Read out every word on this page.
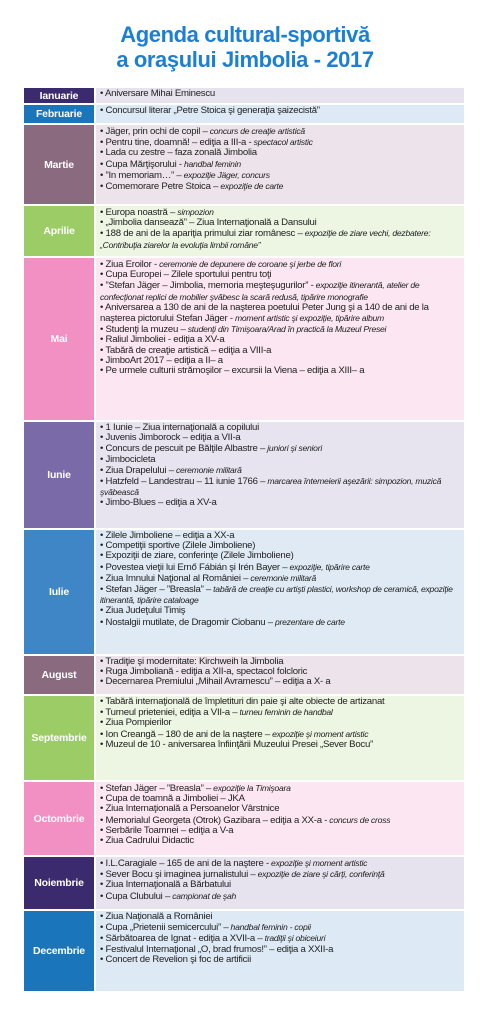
Agenda cultural-sportivă
a oraşului Jimbolia - 2017
Ianuarie	• Aniversare Mihai Eminescu
Februarie	• Concursul literar „Petre Stoica şi generaţia şaizecistă”
Martie
• Jäger, prin ochi de copil – concurs de creaţie artistică
• Pentru tine, doamnă! – ediţia a III-a - spectacol artistic
• Lada cu zestre – faza zonală Jimbolia
• Cupa Mărţişorului - handbal feminin
• ”In memoriam…” – expoziţie Jäger, concurs
• Comemorare Petre Stoica – expoziţie de carte
Aprilie
• Europa noastră – simpozion
• „Jimbolia dansează” – Ziua Internaţională a Dansului
• 188 de ani de la apariţia primului ziar românesc – expoziţie de ziare vechi, dezbatere: „Contribuţia ziarelor la evoluţia limbii române”
Mai
• Ziua Eroilor - ceremonie de depunere de coroane şi jerbe de flori
• Cupa Europei – Zilele sportului pentru toţi
• ”Stefan Jäger – Jimbolia, memoria meşteşugurilor” - expoziţie itinerantă, atelier de confecţionat replici de mobilier şvăbesc la scară redusă, tipărire monografie
• Aniversarea a 130 de ani de la naşterea poetului Peter Jung şi a 140 de ani de la naşterea pictorului Stefan Jäger - moment artistic şi expoziţie, tipărire album
• Studenţi la muzeu – studenţi din Timişoara/Arad în practică la Muzeul Presei
• Raliul Jimboliei - ediţia a XV-a
• Tabără de creaţie artistică – ediţia a VIII-a
• JimboArt 2017 – ediţia a II– a
• Pe urmele culturii strămoşilor – excursii la Viena – ediţia a XIII– a
Iunie
• 1 Iunie – Ziua internaţională a copilului
• Juvenis Jimborock – ediţia a VII-a
• Concurs de pescuit pe Bălţile Albastre – juniori şi seniori
• Jimbocicleta
• Ziua Drapelului – ceremonie militară
• Hatzfeld – Landestrau – 11 iunie 1766 – marcarea întemeierii aşezării: simpozion, muzică şvăbească
• Jimbo-Blues – ediţia a XV-a
Iulie
• Zilele Jimboliene – ediţia a XX-a
• Competiţii sportive (Zilele Jimboliene)
• Expoziţii de ziare, conferinţe (Zilele Jimboliene)
• Povestea vieţii lui Ernő Fábián şi Irén Bayer – expoziţie, tipărire carte
• Ziua Imnului Naţional al României – ceremonie militară
• Stefan Jäger – ”Breasla” – tabără de creaţie cu artişti plastici, workshop de ceramică, expoziţie itinerantă, tipărire cataloage
• Ziua Judeţului Timiş
• Nostalgii mutilate, de Dragomir Ciobanu – prezentare de carte
August
• Tradiţie şi modernitate: Kirchweih la Jimbolia
• Ruga Jimboliană - ediţia a XII-a, spectacol folcloric
• Decernarea Premiului „Mihail Avramescu” – ediţia a X- a
Septembrie
• Tabără internaţională de împletituri din paie şi alte obiecte de artizanat
• Turneul prieteniei, ediţia a VII-a – turneu feminin de handbal
• Ziua Pompierilor
• Ion Creangă – 180 de ani de la naştere – expoziţie şi moment artistic
• Muzeul de 10 - aniversarea înfiinţării Muzeului Presei „Sever Bocu”
Octombrie
• Stefan Jäger – ”Breasla” – expoziţie la Timişoara
• Cupa de toamnă a Jimboliei – JKA
• Ziua Internaţională a Persoanelor Vârstnice
• Memorialul Georgeta (Otrok) Gazibara – ediţia a XX-a - concurs de cross
• Serbările Toamnei – ediţia a V-a
• Ziua Cadrului Didactic
Noiembrie
• I.L.Caragiale – 165 de ani de la naştere - expoziţie şi moment artistic
• Sever Bocu şi imaginea jurnalistului – expoziţie de ziare şi cărţi, conferinţă
• Ziua Internaţională a Bărbatului
• Cupa Clubului – campionat de şah
Decembrie
• Ziua Naţională a României
• Cupa „Prietenii semicercului” – handbal feminin - copii
• Sărbătoarea de Ignat - ediţia a XVII-a – tradiţii şi obiceiuri
• Festivalul Internaţional „O, brad frumos!” – ediţia a XXII-a
• Concert de Revelion şi foc de artificii
